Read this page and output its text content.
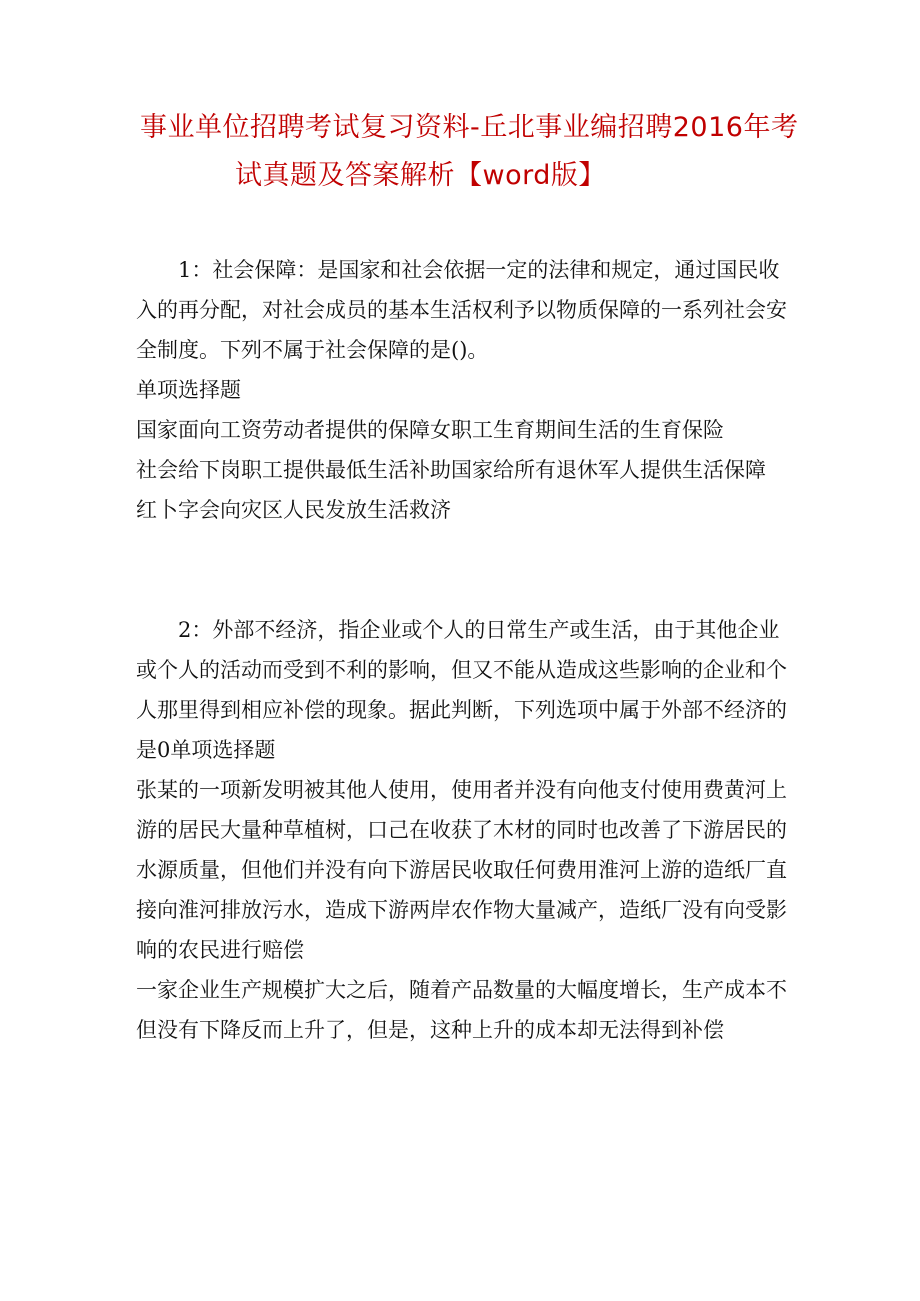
事业单位招聘考试复习资料-丘北事业编招聘2016年考
试真题及答案解析【word版】

1：社会保障：是国家和社会依据一定的法律和规定，通过国民收入的再分配，对社会成员的基本生活权利予以物质保障的一系列社会安全制度。下列不属于社会保障的是()。

单项选择题

国家面向工资劳动者提供的保障女职工生育期间生活的生育保险

社会给下岗职工提供最低生活补助国家给所有退休军人提供生活保障

红卜字会向灾区人民发放生活救济

2：外部不经济，指企业或个人的日常生产或生活，由于其他企业或个人的活动而受到不利的影响，但又不能从造成这些影响的企业和个人那里得到相应补偿的现象。据此判断，下列选项中属于外部不经济的是0单项选择题

张某的一项新发明被其他人使用，使用者并没有向他支付使用费黄河上游的居民大量种草植树，口己在收获了木材的同时也改善了下游居民的水源质量，但他们并没有向下游居民收取任何费用淮河上游的造纸厂直接向淮河排放污水，造成下游两岸农作物大量减产，造纸厂没有向受影响的农民进行赔偿

一家企业生产规模扩大之后，随着产品数量的大幅度增长，生产成本不但没有下降反而上升了，但是，这种上升的成本却无法得到补偿
